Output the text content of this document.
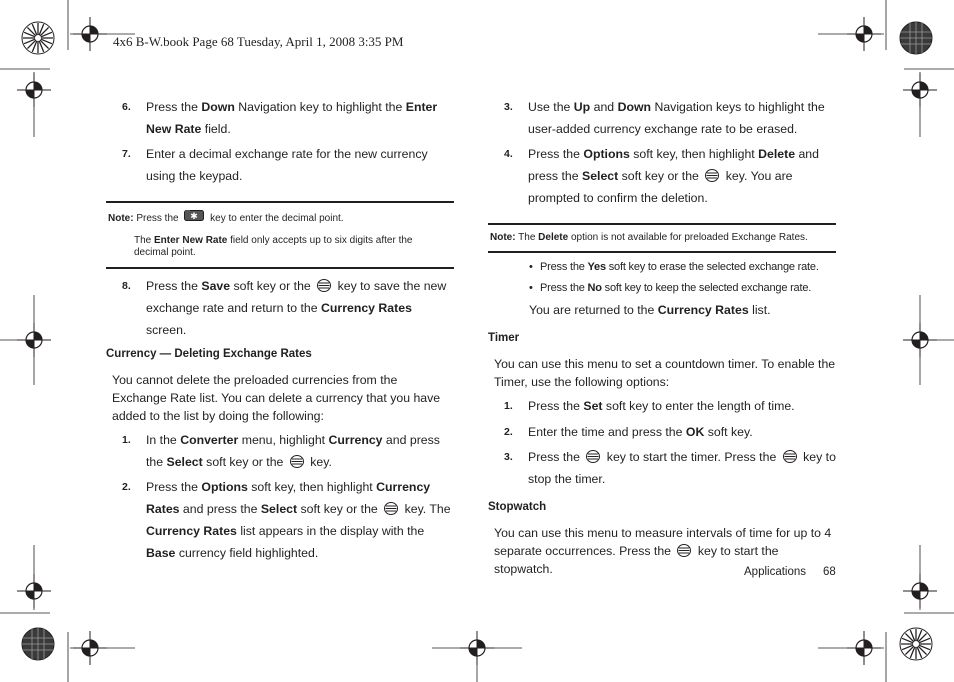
4x6 B-W.book Page 68 Tuesday, April 1, 2008 3:35 PM
6. Press the Down Navigation key to highlight the Enter New Rate field.
7. Enter a decimal exchange rate for the new currency using the keypad.
Note: Press the ✱ key to enter the decimal point.
The Enter New Rate field only accepts up to six digits after the decimal point.
8. Press the Save soft key or the  key to save the new exchange rate and return to the Currency Rates screen.
Currency — Deleting Exchange Rates
You cannot delete the preloaded currencies from the Exchange Rate list. You can delete a currency that you have added to the list by doing the following:
1. In the Converter menu, highlight Currency and press the Select soft key or the  key.
2. Press the Options soft key, then highlight Currency Rates and press the Select soft key or the  key. The Currency Rates list appears in the display with the Base currency field highlighted.
3. Use the Up and Down Navigation keys to highlight the user-added currency exchange rate to be erased.
4. Press the Options soft key, then highlight Delete and press the Select soft key or the  key. You are prompted to confirm the deletion.
Note: The Delete option is not available for preloaded Exchange Rates.
• Press the Yes soft key to erase the selected exchange rate.
• Press the No soft key to keep the selected exchange rate.
You are returned to the Currency Rates list.
Timer
You can use this menu to set a countdown timer. To enable the Timer, use the following options:
1. Press the Set soft key to enter the length of time.
2. Enter the time and press the OK soft key.
3. Press the  key to start the timer. Press the  key to stop the timer.
Stopwatch
You can use this menu to measure intervals of time for up to 4 separate occurrences. Press the  key to start the stopwatch.	Applications 68
